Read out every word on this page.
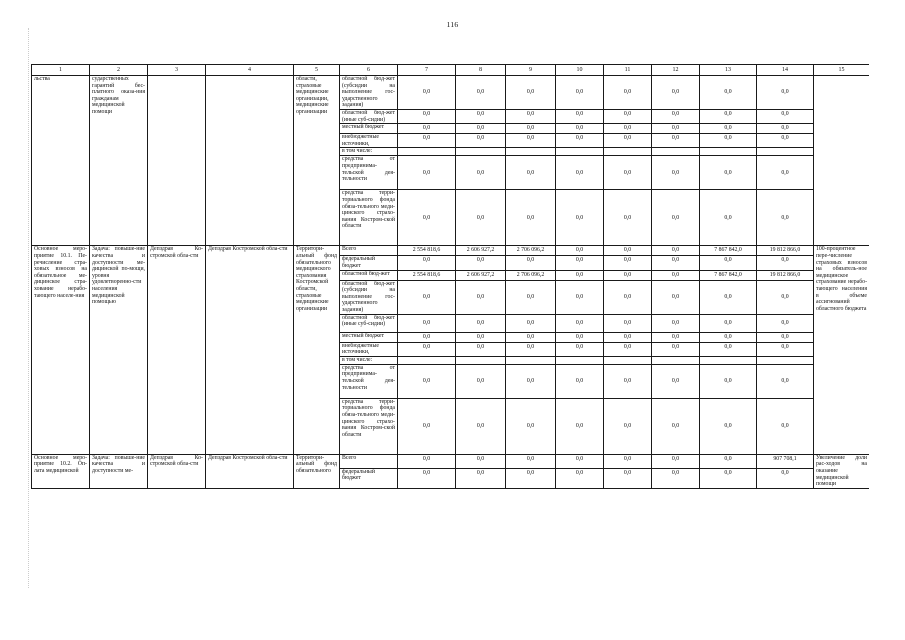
116
1	2	3	4	5	6	7	8	9	10	11	12	13	14	15
льства	сударственных гарантий бес-платного оказа-ния гражданам медицинской помощи			области, страховые медицинские организации, медицинские организации	областной бюд-жет (субсидии на выполнение гос-ударственного задания)	0,0	0,0	0,0	0,0	0,0	0,0	0,0	0,0	
					областной бюд-жет (иные суб-сидии)	0,0	0,0	0,0	0,0	0,0	0,0	0,0	0,0	
					местный бюджет	0,0	0,0	0,0	0,0	0,0	0,0	0,0	0,0	
					внебюджетные источники,	0,0	0,0	0,0	0,0	0,0	0,0	0,0	0,0	
					в том числе:									
					средства от предпринима-тельской дея-тельности	0,0	0,0	0,0	0,0	0,0	0,0	0,0	0,0	
					средства терри-ториального фонда обяза-тельного меди-цинского страхо-вания Костром-ской области	0,0	0,0	0,0	0,0	0,0	0,0	0,0	0,0	
Основное меро-приятие 10.1. Пе-речисление стра-ховых взносов на обязательное ме-дицинское стра-хование нерабо-тающего населе-ния	Задача: повыше-ние качества и доступности ме-дицинской по-мощи, уровня удовлетворенно-сти населения медицинской помощью	Депздрав Ко-стромской обла-сти	Депздрав Костромской обла-сти	Территори-альный фонд обязательного медицинского страхования Костромской области, страховые медицинские организации	Всего	2 554 818,6	2 606 927,2	2 706 096,2	0,0	0,0	0,0	7 867 842,0	19 812 866,0	100-процентное пере-числение страховых взносов на обязатель-ное медицинское страхование нерабо-тающего населения в объеме ассигнований областного бюджета
					федеральный бюджет	0,0	0,0	0,0	0,0	0,0	0,0	0,0	0,0	
					областной бюд-жет	2 554 818,6	2 606 927,2	2 706 096,2	0,0	0,0	0,0	7 867 842,0	19 812 866,0	
					областной бюд-жет (субсидии на выполнение гос-ударственного задания)	0,0	0,0	0,0	0,0	0,0	0,0	0,0	0,0	
					областной бюд-жет (иные суб-сидии)	0,0	0,0	0,0	0,0	0,0	0,0	0,0	0,0	
					местный бюджет	0,0	0,0	0,0	0,0	0,0	0,0	0,0	0,0	
					внебюджетные источники,	0,0	0,0	0,0	0,0	0,0	0,0	0,0	0,0	
					в том числе:									
					средства от предпринима-тельской дея-тельности	0,0	0,0	0,0	0,0	0,0	0,0	0,0	0,0	
					средства терри-ториального фонда обяза-тельного меди-цинского страхо-вания Костром-ской области	0,0	0,0	0,0	0,0	0,0	0,0	0,0	0,0	
Основное меро-приятие 10.2. Оп-лата медицинской	Задача: повыше-ние качества и доступности ме-	Депздрав Ко-стромской обла-сти	Депздрав Костромской обла-сти	Территори-альный фонд обязательного	Всего	0,0	0,0	0,0	0,0	0,0	0,0	0,0	907 708,1	Увеличение доли рас-ходов на оказание медицинской помощи
					федеральный бюджет	0,0	0,0	0,0	0,0	0,0	0,0	0,0	0,0	
